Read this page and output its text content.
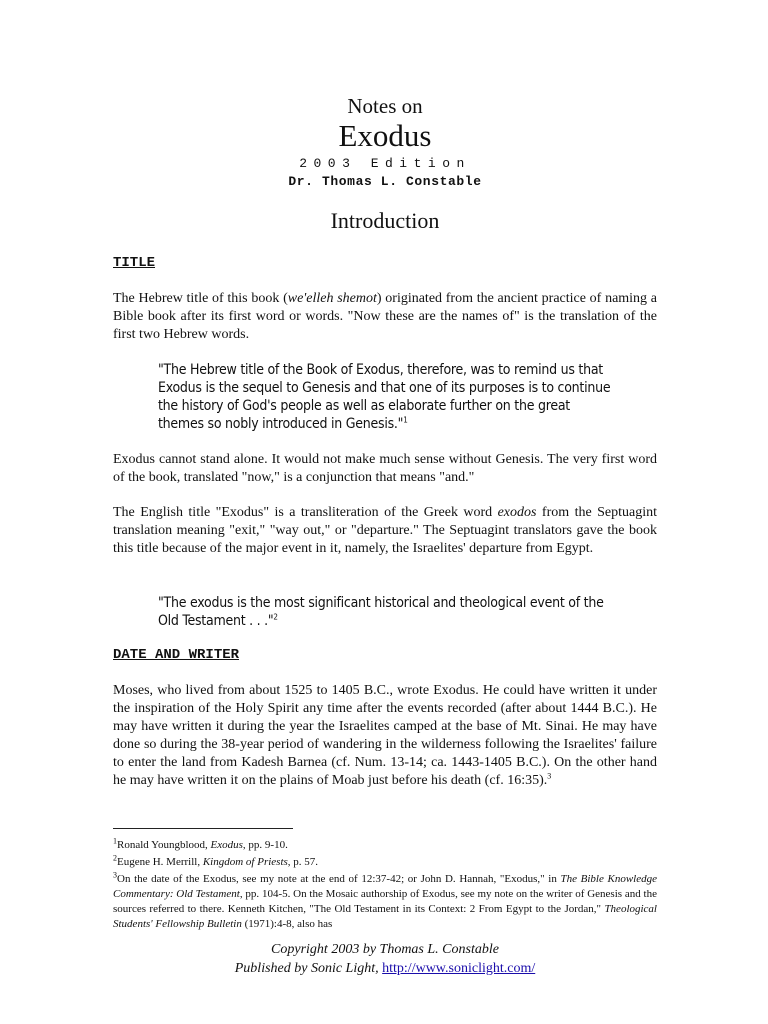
Notes on
Exodus
2003 Edition
Dr. Thomas L. Constable
Introduction
TITLE
The Hebrew title of this book (we'elleh shemot) originated from the ancient practice of naming a Bible book after its first word or words. "Now these are the names of" is the translation of the first two Hebrew words.
"The Hebrew title of the Book of Exodus, therefore, was to remind us that Exodus is the sequel to Genesis and that one of its purposes is to continue the history of God's people as well as elaborate further on the great themes so nobly introduced in Genesis."$^1$
Exodus cannot stand alone. It would not make much sense without Genesis. The very first word of the book, translated "now," is a conjunction that means "and."
The English title "Exodus" is a transliteration of the Greek word exodos from the Septuagint translation meaning "exit," "way out," or "departure." The Septuagint translators gave the book this title because of the major event in it, namely, the Israelites' departure from Egypt.
"The exodus is the most significant historical and theological event of the Old Testament . . ."$^2$
DATE AND WRITER
Moses, who lived from about 1525 to 1405 B.C., wrote Exodus. He could have written it under the inspiration of the Holy Spirit any time after the events recorded (after about 1444 B.C.). He may have written it during the year the Israelites camped at the base of Mt. Sinai. He may have done so during the 38-year period of wandering in the wilderness following the Israelites' failure to enter the land from Kadesh Barnea (cf. Num. 13-14; ca. 1443-1405 B.C.). On the other hand he may have written it on the plains of Moab just before his death (cf. 16:35).$^3$
$^1$Ronald Youngblood, Exodus, pp. 9-10.
$^2$Eugene H. Merrill, Kingdom of Priests, p. 57.
$^3$On the date of the Exodus, see my note at the end of 12:37-42; or John D. Hannah, "Exodus," in The Bible Knowledge Commentary: Old Testament, pp. 104-5. On the Mosaic authorship of Exodus, see my note on the writer of Genesis and the sources referred to there. Kenneth Kitchen, "The Old Testament in its Context: 2 From Egypt to the Jordan," Theological Students' Fellowship Bulletin (1971):4-8, also has
Copyright 2003 by Thomas L. Constable
Published by Sonic Light, http://www.soniclight.com/
